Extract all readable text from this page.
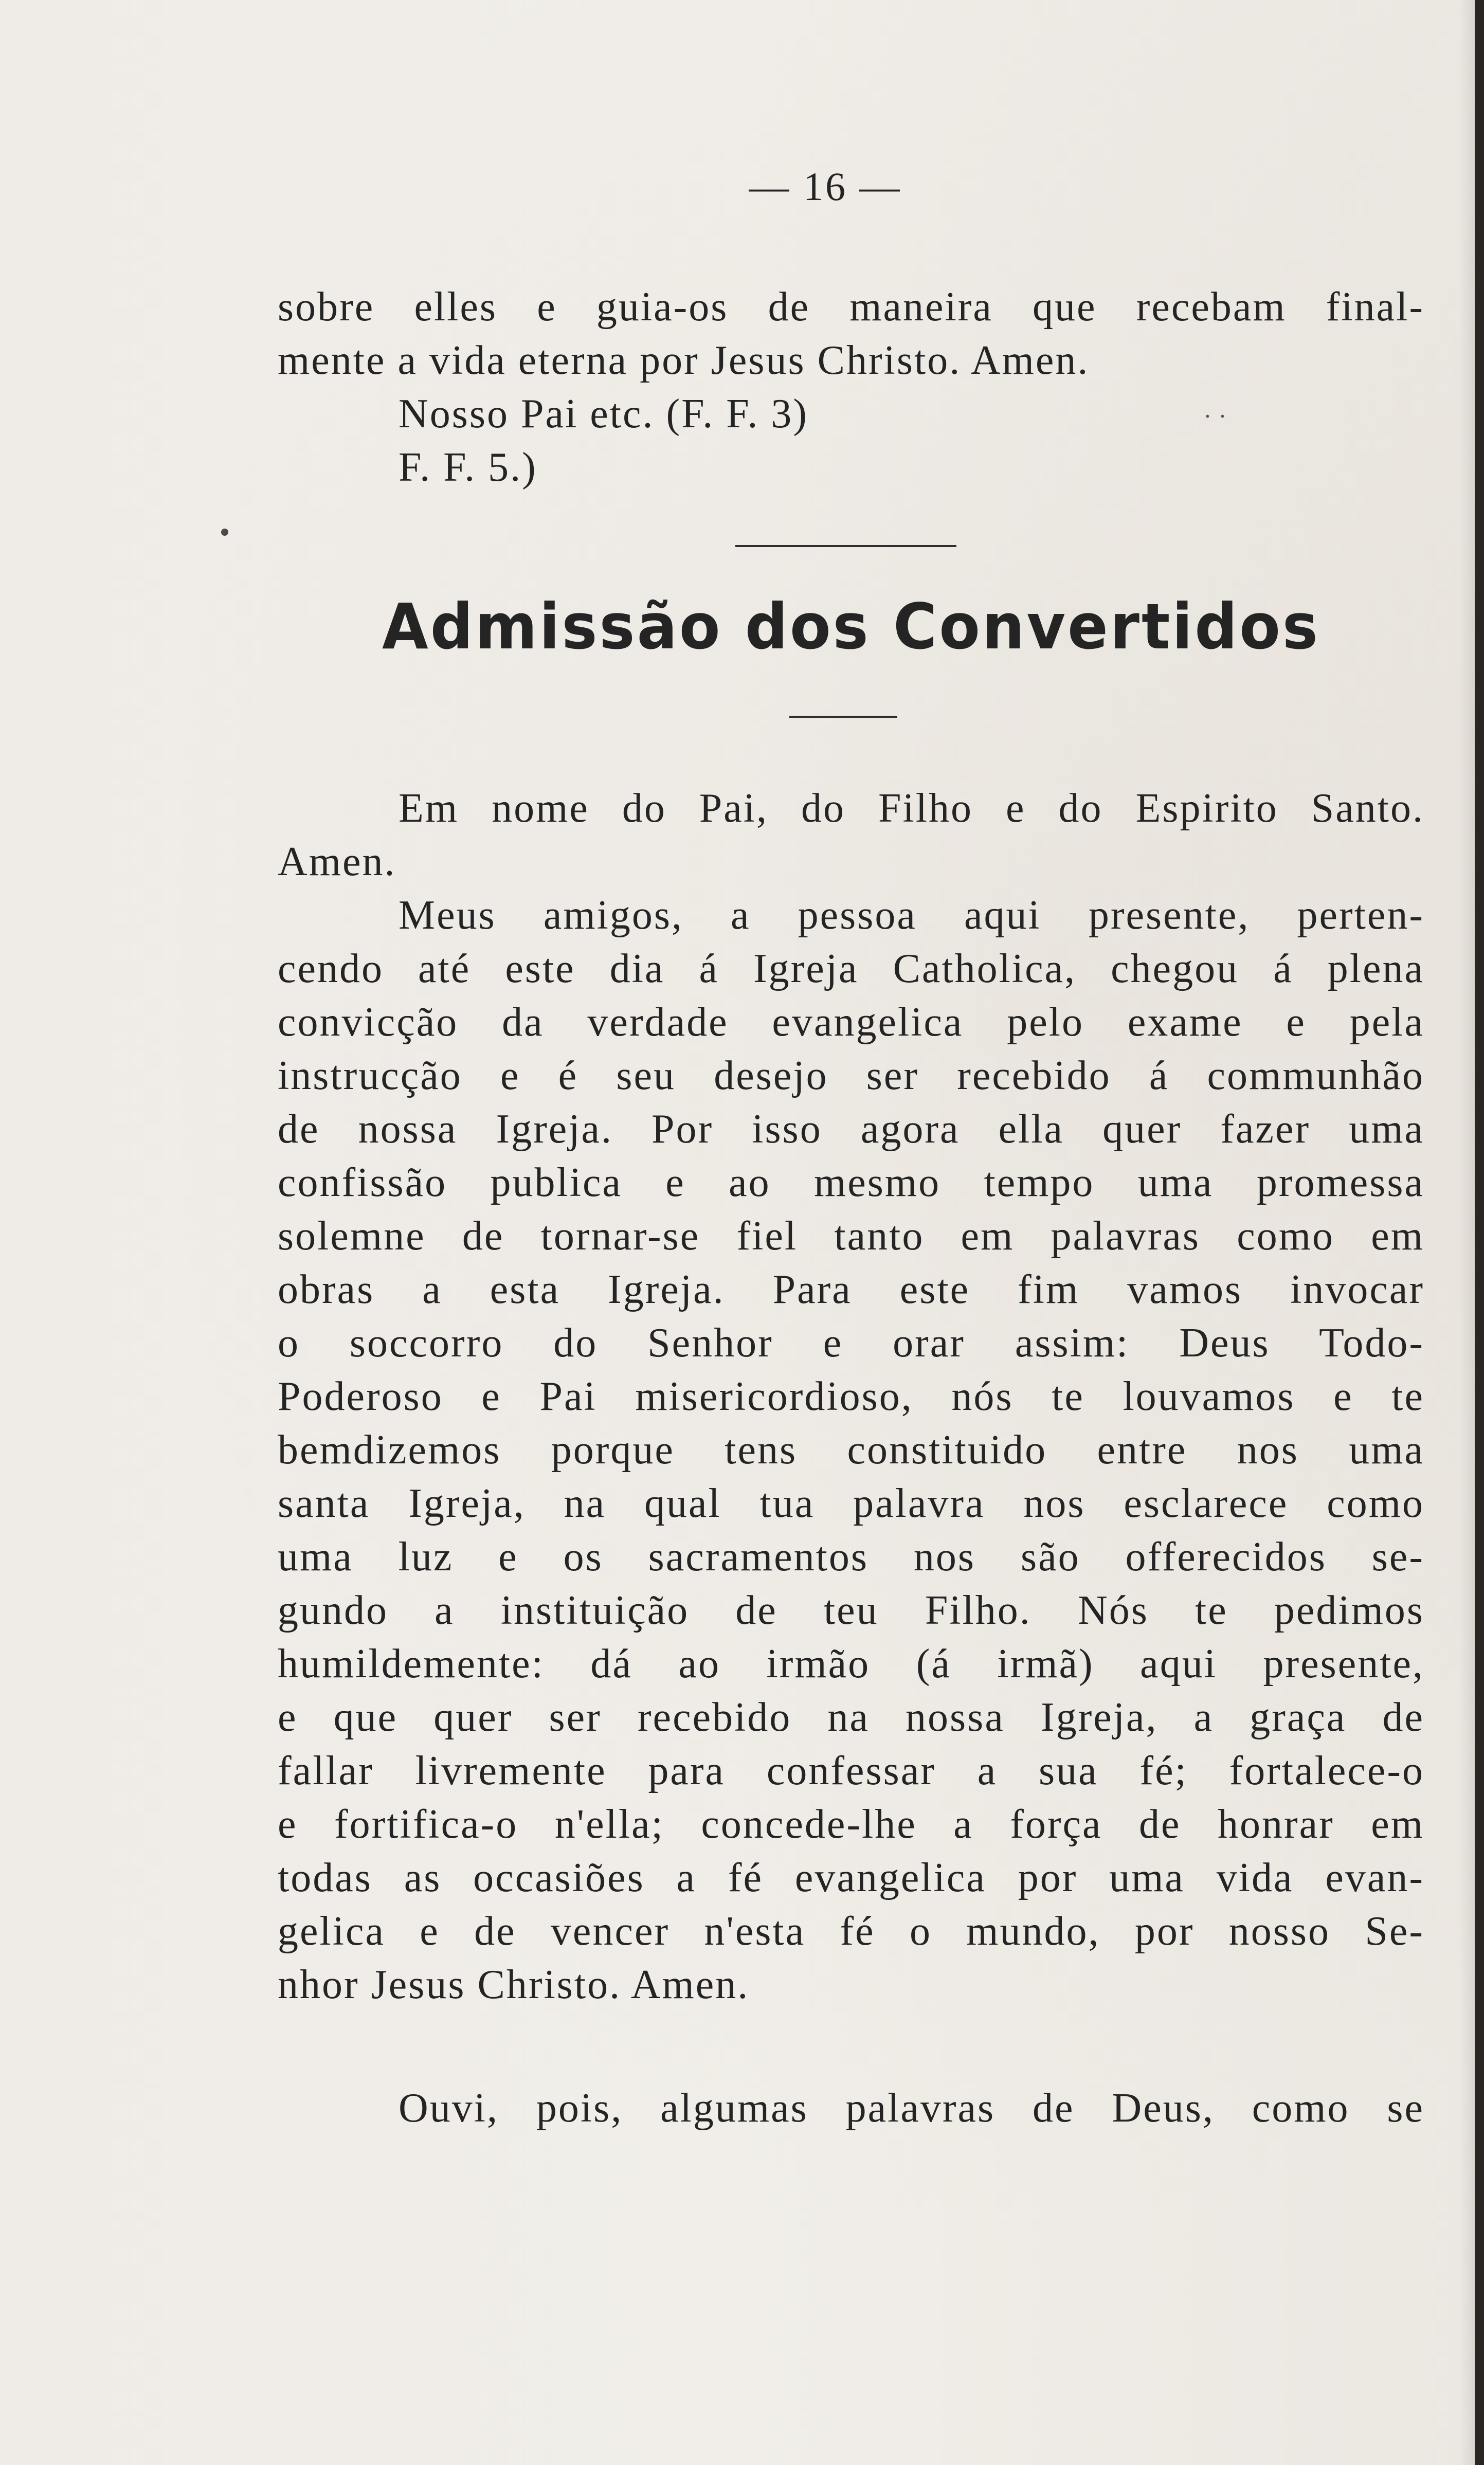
— 16 —
sobre elles e guia-os de maneira que recebam final-
mente a vida eterna por Jesus Christo. Amen.
Nosso Pai etc. (F. F. 3)
F. F. 5.)
· ·
Admissão dos Convertidos
Em nome do Pai, do Filho e do Espirito Santo.
Amen.
Meus amigos, a pessoa aqui presente, perten-
cendo até este dia á Igreja Catholica, chegou á plena
convicção da verdade evangelica pelo exame e pela
instrucção e é seu desejo ser recebido á communhão
de nossa Igreja. Por isso agora ella quer fazer uma
confissão publica e ao mesmo tempo uma promessa
solemne de tornar-se fiel tanto em palavras como em
obras a esta Igreja. Para este fim vamos invocar
o soccorro do Senhor e orar assim: Deus Todo-
Poderoso e Pai misericordioso, nós te louvamos e te
bemdizemos porque tens constituido entre nos uma
santa Igreja, na qual tua palavra nos esclarece como
uma luz e os sacramentos nos são offerecidos se-
gundo a instituição de teu Filho. Nós te pedimos
humildemente: dá ao irmão (á irmã) aqui presente,
e que quer ser recebido na nossa Igreja, a graça de
fallar livremente para confessar a sua fé; fortalece-o
e fortifica-o n'ella; concede-lhe a força de honrar em
todas as occasiões a fé evangelica por uma vida evan-
gelica e de vencer n'esta fé o mundo, por nosso Se-
nhor Jesus Christo. Amen.
Ouvi, pois, algumas palavras de Deus, como se
